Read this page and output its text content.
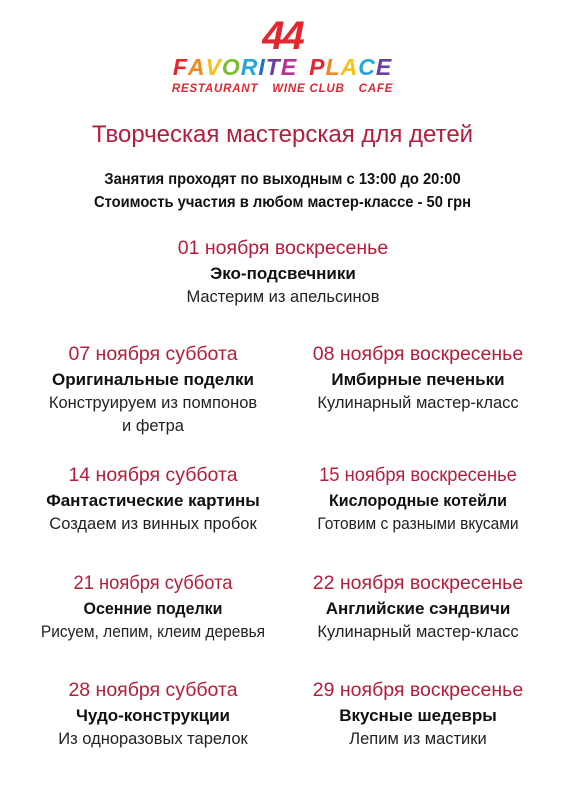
44
FAVORITE PLACE
RESTAURANT WINE CLUB CAFE
Творческая мастерская для детей
Занятия проходят по выходным с 13:00 до 20:00
Стоимость участия в любом мастер-классе - 50 грн
01 ноября воскресенье
Эко-подсвечники
Мастерим из апельсинов
07 ноября суббота
Оригинальные поделки
Конструируем из помпонов
и фетра
08 ноября воскресенье
Имбирные печеньки
Кулинарный мастер-класс
14 ноября суббота
Фантастические картины
Создаем из винных пробок
15 ноября воскресенье
Кислородные котейли
Готовим с разными вкусами
21 ноября суббота
Осенние поделки
Рисуем, лепим, клеим деревья
22 ноября воскресенье
Английские сэндвичи
Кулинарный мастер-класс
28 ноября суббота
Чудо-конструкции
Из одноразовых тарелок
29 ноября воскресенье
Вкусные шедевры
Лепим из мастики
